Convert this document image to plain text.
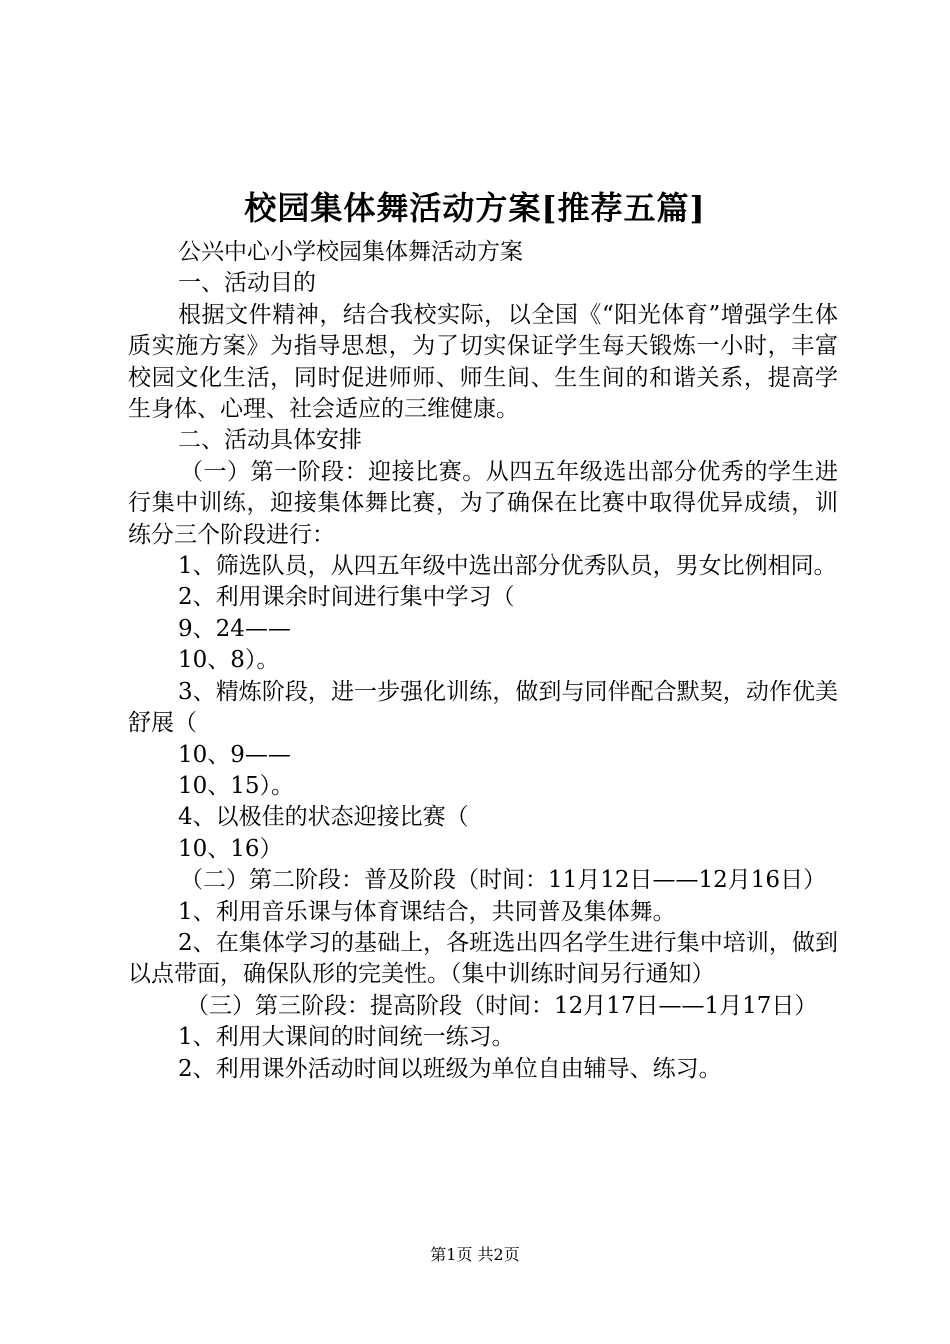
校园集体舞活动方案[推荐五篇]

公兴中心小学校园集体舞活动方案

一、活动目的

根据文件精神，结合我校实际，以全国《“阳光体育”增强学生体质实施方案》为指导思想，为了切实保证学生每天锻炼一小时，丰富校园文化生活，同时促进师师、师生间、生生间的和谐关系，提高学生身体、心理、社会适应的三维健康。

二、活动具体安排

（一）第一阶段：迎接比赛。从四五年级选出部分优秀的学生进行集中训练，迎接集体舞比赛，为了确保在比赛中取得优异成绩，训练分三个阶段进行：

1、筛选队员，从四五年级中选出部分优秀队员，男女比例相同。

2、利用课余时间进行集中学习（

9、24——

10、8）。

3、精炼阶段，进一步强化训练，做到与同伴配合默契，动作优美舒展（

10、9——

10、15）。

4、以极佳的状态迎接比赛（

10、16）

（二）第二阶段：普及阶段（时间：11月12日——12月16日）

1、利用音乐课与体育课结合，共同普及集体舞。

2、在集体学习的基础上，各班选出四名学生进行集中培训，做到以点带面，确保队形的完美性。（集中训练时间另行通知）

（三）第三阶段：提高阶段（时间：12月17日——1月17日）

1、利用大课间的时间统一练习。

2、利用课外活动时间以班级为单位自由辅导、练习。

第1页 共2页
